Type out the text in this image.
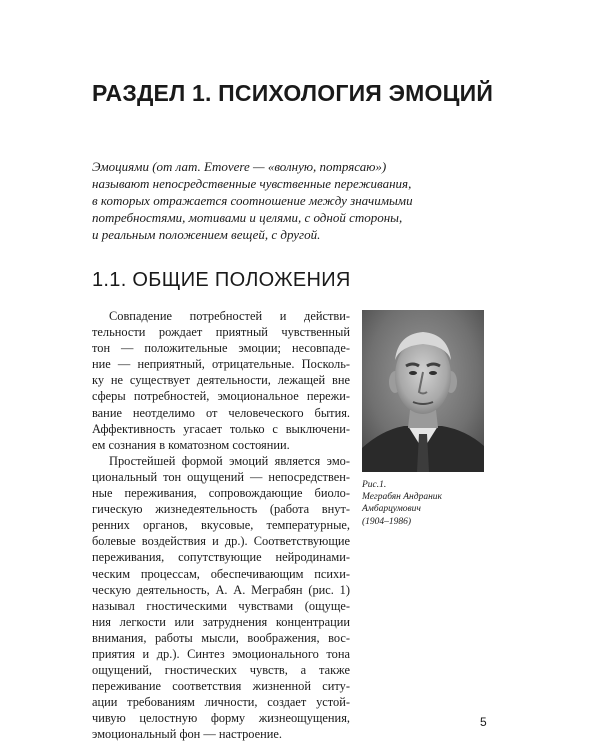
РАЗДЕЛ 1. ПСИХОЛОГИЯ ЭМОЦИЙ
Эмоциями (от лат. Emovere — «волную, потрясаю»)
называют непосредственные чувственные переживания,
в которых отражается соотношение между значимыми
потребностями, мотивами и целями, с одной стороны,
и реальным положением вещей, с другой.
1.1. ОБЩИЕ ПОЛОЖЕНИЯ
Совпадение потребностей и действи-
тельности рождает приятный чувственный
тон — положительные эмоции; несовпаде-
ние — неприятный, отрицательные. Посколь-
ку не существует деятельности, лежащей вне
сферы потребностей, эмоциональное пережи-
вание неотделимо от человеческого бытия.
Аффективность угасает только с выключени-
ем сознания в коматозном состоянии.
Простейшей формой эмоций является эмо-
циональный тон ощущений — непосредствен-
ные переживания, сопровождающие биоло-
гическую жизнедеятельность (работа внут-
ренних органов, вкусовые, температурные,
болевые воздействия и др.). Соответствующие
переживания, сопутствующие нейродинами-
ческим процессам, обеспечивающим психи-
ческую деятельность, А. А. Меграбян (рис. 1)
называл гностическими чувствами (ощуще-
ния легкости или затруднения концентрации
внимания, работы мысли, воображения, вос-
приятия и др.). Синтез эмоционального тона
ощущений, гностических чувств, а также
переживание соответствия жизненной ситу-
ации требованиям личности, создает устой-
чивую целостную форму жизнеощущения,
эмоциональный фон — настроение.
Рис.1.
Меграбян Андраник
Амбарцумович
(1904–1986)
5
